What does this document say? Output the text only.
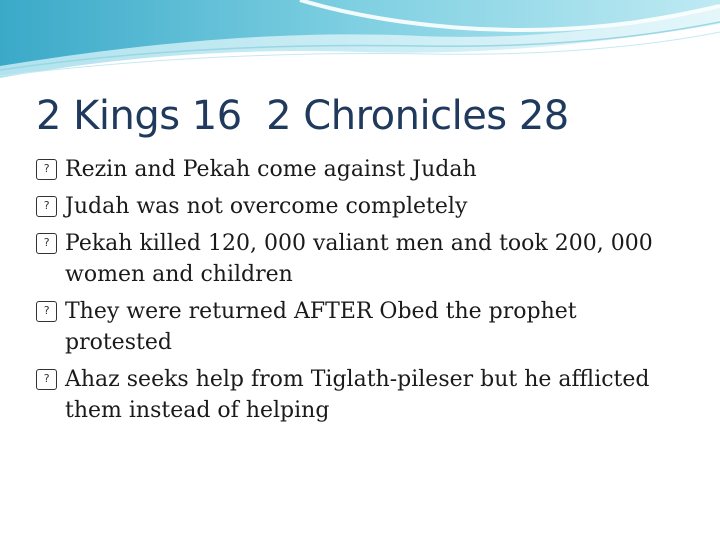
2 Kings 16  2 Chronicles 28
? Rezin and Pekah come against Judah
? Judah was not overcome completely
? Pekah killed 120, 000 valiant men and took 200, 000 women and children
? They were returned AFTER Obed the prophet protested
? Ahaz seeks help from Tiglath-pileser but he afflicted them instead of helping
